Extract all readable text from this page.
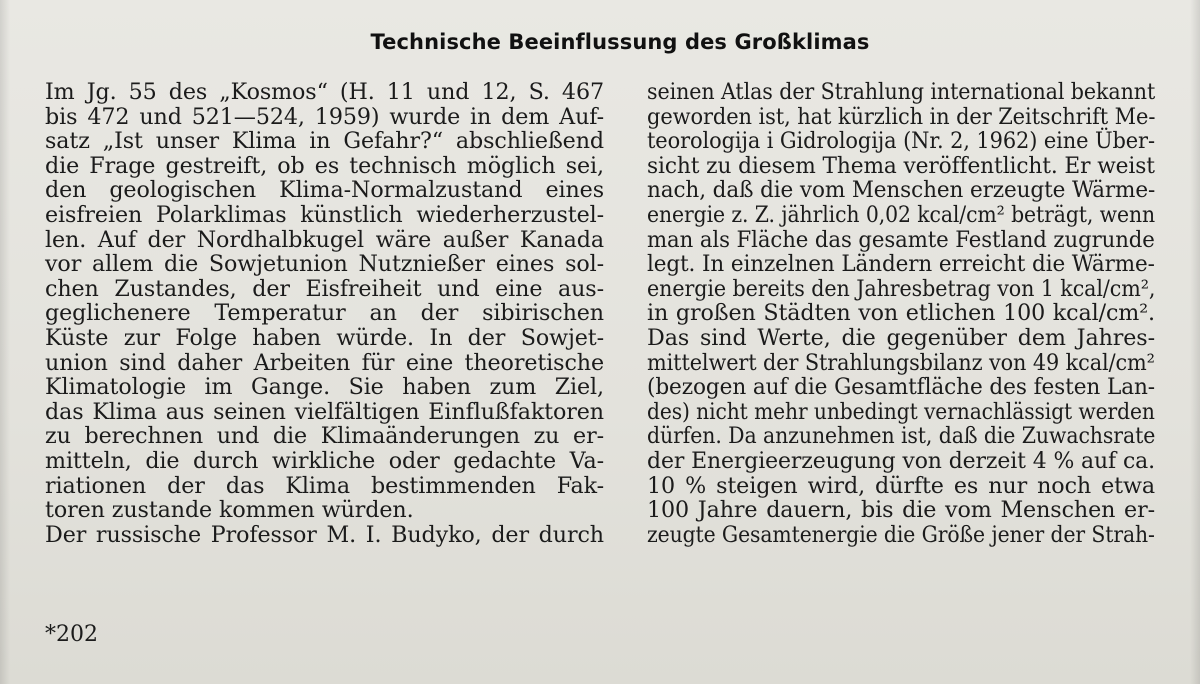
Technische Beeinflussung des Großklimas
Im Jg. 55 des „Kosmos“ (H. 11 und 12, S. 467
bis 472 und 521—524, 1959) wurde in dem Auf-
satz „Ist unser Klima in Gefahr?“ abschließend
die Frage gestreift, ob es technisch möglich sei,
den geologischen Klima-Normalzustand eines
eisfreien Polarklimas künstlich wiederherzustel-
len. Auf der Nordhalbkugel wäre außer Kanada
vor allem die Sowjetunion Nutznießer eines sol-
chen Zustandes, der Eisfreiheit und eine aus-
geglichenere Temperatur an der sibirischen
Küste zur Folge haben würde. In der Sowjet-
union sind daher Arbeiten für eine theoretische
Klimatologie im Gange. Sie haben zum Ziel,
das Klima aus seinen vielfältigen Einflußfaktoren
zu berechnen und die Klimaänderungen zu er-
mitteln, die durch wirkliche oder gedachte Va-
riationen der das Klima bestimmenden Fak-
toren zustande kommen würden.
Der russische Professor M. I. Budyko, der durch
seinen Atlas der Strahlung international bekannt
geworden ist, hat kürzlich in der Zeitschrift Me-
teorologija i Gidrologija (Nr. 2, 1962) eine Über-
sicht zu diesem Thema veröffentlicht. Er weist
nach, daß die vom Menschen erzeugte Wärme-
energie z. Z. jährlich 0,02 kcal/cm² beträgt, wenn
man als Fläche das gesamte Festland zugrunde
legt. In einzelnen Ländern erreicht die Wärme-
energie bereits den Jahresbetrag von 1 kcal/cm²,
in großen Städten von etlichen 100 kcal/cm².
Das sind Werte, die gegenüber dem Jahres-
mittelwert der Strahlungsbilanz von 49 kcal/cm²
(bezogen auf die Gesamtfläche des festen Lan-
des) nicht mehr unbedingt vernachlässigt werden
dürfen. Da anzunehmen ist, daß die Zuwachsrate
der Energieerzeugung von derzeit 4 % auf ca.
10 % steigen wird, dürfte es nur noch etwa
100 Jahre dauern, bis die vom Menschen er-
zeugte Gesamtenergie die Größe jener der Strah-
*202
